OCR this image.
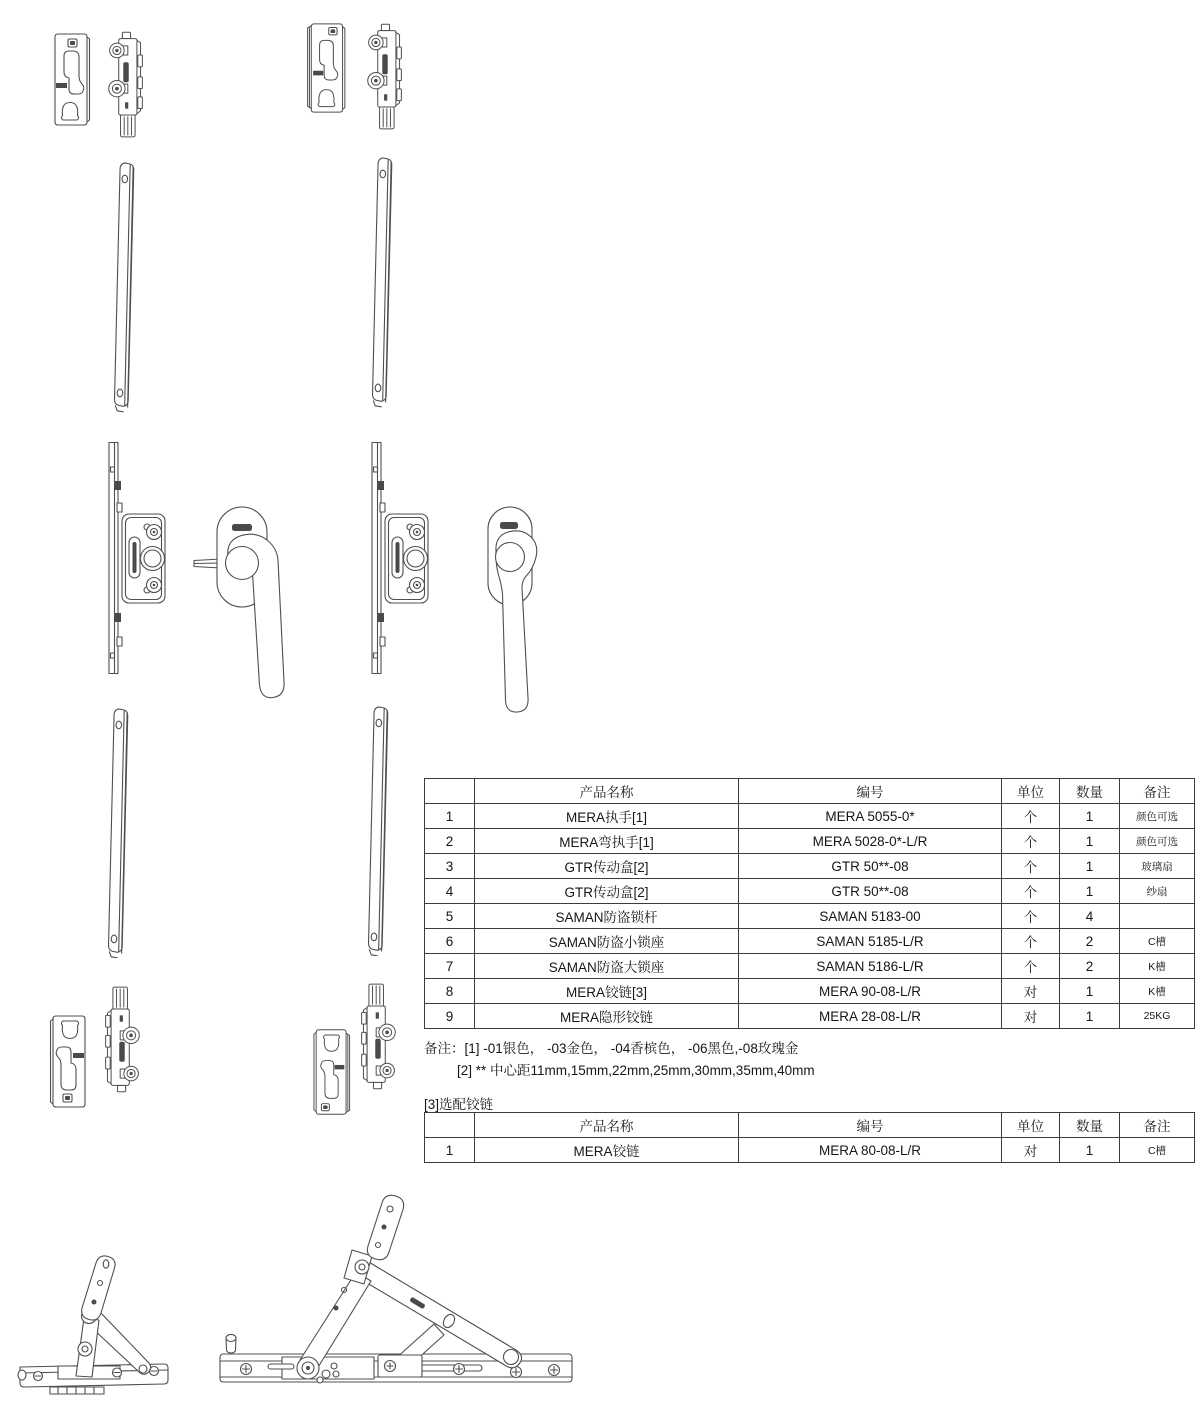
	产品名称	编号	单位	数量	备注
1	MERA执手[1]	MERA 5055-0*	个	1	颜色可选
2	MERA弯执手[1]	MERA 5028-0*-L/R	个	1	颜色可选
3	GTR传动盒[2]	GTR 50**-08	个	1	玻璃扇
4	GTR传动盒[2]	GTR 50**-08	个	1	纱扇
5	SAMAN防盗锁杆	SAMAN 5183-00	个	4	
6	SAMAN防盗小锁座	SAMAN 5185-L/R	个	2	C槽
7	SAMAN防盗大锁座	SAMAN 5186-L/R	个	2	K槽
8	MERA铰链[3]	MERA 90-08-L/R	对	1	K槽
9	MERA隐形铰链	MERA 28-08-L/R	对	1	25KG
备注：[1] -01银色， -03金色， -04香槟色， -06黑色,-08玫瑰金
[2] ** 中心距11mm,15mm,22mm,25mm,30mm,35mm,40mm
[3]选配铰链
	产品名称	编号	单位	数量	备注
1	MERA铰链	MERA 80-08-L/R	对	1	C槽
